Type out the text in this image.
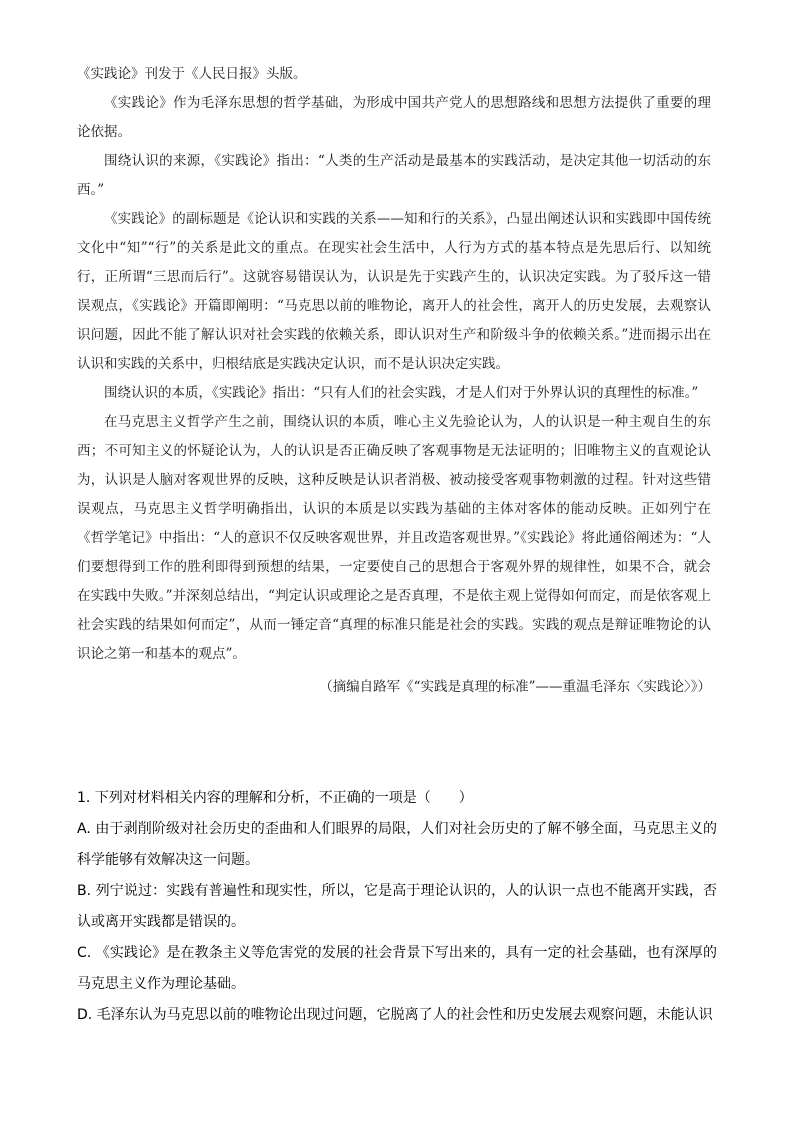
《实践论》刊发于《人民日报》头版。

《实践论》作为毛泽东思想的哲学基础，为形成中国共产党人的思想路线和思想方法提供了重要的理论依据。

围绕认识的来源，《实践论》指出：“人类的生产活动是最基本的实践活动，是决定其他一切活动的东西。”

《实践论》的副标题是《论认识和实践的关系——知和行的关系》，凸显出阐述认识和实践即中国传统文化中“知”“行”的关系是此文的重点。在现实社会生活中，人行为方式的基本特点是先思后行、以知统行，正所谓“三思而后行”。这就容易错误认为，认识是先于实践产生的，认识决定实践。为了驳斥这一错误观点，《实践论》开篇即阐明：“马克思以前的唯物论，离开人的社会性，离开人的历史发展，去观察认识问题，因此不能了解认识对社会实践的依赖关系，即认识对生产和阶级斗争的依赖关系。”进而揭示出在认识和实践的关系中，归根结底是实践决定认识，而不是认识决定实践。

围绕认识的本质，《实践论》指出：“只有人们的社会实践，才是人们对于外界认识的真理性的标准。”

在马克思主义哲学产生之前，围绕认识的本质，唯心主义先验论认为，人的认识是一种主观自生的东西；不可知主义的怀疑论认为，人的认识是否正确反映了客观事物是无法证明的；旧唯物主义的直观论认为，认识是人脑对客观世界的反映，这种反映是认识者消极、被动接受客观事物刺激的过程。针对这些错误观点，马克思主义哲学明确指出，认识的本质是以实践为基础的主体对客体的能动反映。正如列宁在《哲学笔记》中指出：“人的意识不仅反映客观世界，并且改造客观世界。”《实践论》将此通俗阐述为：“人们要想得到工作的胜利即得到预想的结果，一定要使自己的思想合于客观外界的规律性，如果不合，就会在实践中失败。”并深刻总结出，“判定认识或理论之是否真理，不是依主观上觉得如何而定，而是依客观上社会实践的结果如何而定”，从而一锤定音“真理的标准只能是社会的实践。实践的观点是辩证唯物论的认识论之第一和基本的观点”。

（摘编自路军《“实践是真理的标准”——重温毛泽东〈实践论〉》）

1. 下列对材料相关内容的理解和分析，不正确的一项是（　　）

A. 由于剥削阶级对社会历史的歪曲和人们眼界的局限，人们对社会历史的了解不够全面，马克思主义的科学能够有效解决这一问题。

B. 列宁说过：实践有普遍性和现实性，所以，它是高于理论认识的，人的认识一点也不能离开实践，否认或离开实践都是错误的。

C. 《实践论》是在教条主义等危害党的发展的社会背景下写出来的，具有一定的社会基础，也有深厚的马克思主义作为理论基础。

D. 毛泽东认为马克思以前的唯物论出现过问题，它脱离了人的社会性和历史发展去观察问题，未能认识
